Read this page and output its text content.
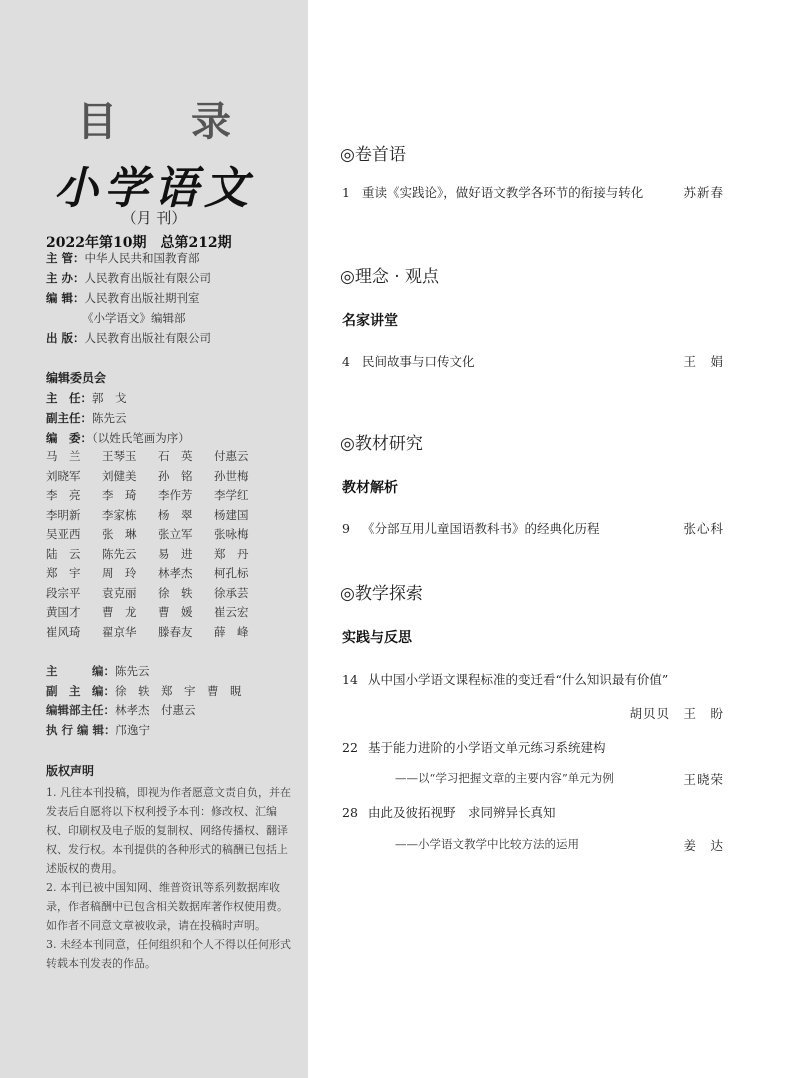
目 录
小学语文
（月 刊）
2022年第10期　总第212期
主 管：中华人民共和国教育部
主 办：人民教育出版社有限公司
编 辑：人民教育出版社期刊室
《小学语文》编辑部
出 版：人民教育出版社有限公司
编辑委员会
主　任：郭　戈
副主任：陈先云
编　委：（以姓氏笔画为序）
马　兰 王琴玉 石　英 付惠云
刘晓军 刘健美 孙　铭 孙世梅
李　亮 李　琦 李作芳 李学红
李明新 李家栋 杨　翠 杨建国
吴亚西 张　琳 张立军 张咏梅
陆　云 陈先云 易　进 郑　丹
郑　宇 周　玲 林孝杰 柯孔标
段宗平 袁克丽 徐　轶 徐承芸
黄国才 曹　龙 曹　媛 崔云宏
崔风琦 翟京华 滕春友 薛　峰
主　　　编：陈先云
副　主　编：徐　轶　郑　宇　曹　睍
编辑部主任：林孝杰　付惠云
执 行 编 辑：邝逸宁
版权声明

1. 凡往本刊投稿，即视为作者愿意文责自负，并在发表后自愿将以下权利授予本刊：修改权、汇编权、印刷权及电子版的复制权、网络传播权、翻译权、发行权。本刊提供的各种形式的稿酬已包括上述版权的费用。

2. 本刊已被中国知网、维普资讯等系列数据库收录，作者稿酬中已包含相关数据库著作权使用费。如作者不同意文章被收录，请在投稿时声明。

3. 未经本刊同意，任何组织和个人不得以任何形式转载本刊发表的作品。

◎卷首语
1 重读《实践论》，做好语文教学各环节的衔接与转化	苏新春
◎理念 · 观点
名家讲堂
4 民间故事与口传文化	王　娟
◎教材研究
教材解析
9 《分部互用儿童国语教科书》的经典化历程	张心科
◎教学探索
实践与反思
14 从中国小学语文课程标准的变迁看“什么知识最有价值”
胡贝贝　王　盼
22 基于能力进阶的小学语文单元练习系统建构
——以“学习把握文章的主要内容”单元为例	王晓荣
28 由此及彼拓视野　求同辨异长真知
——小学语文教学中比较方法的运用	姜　达
